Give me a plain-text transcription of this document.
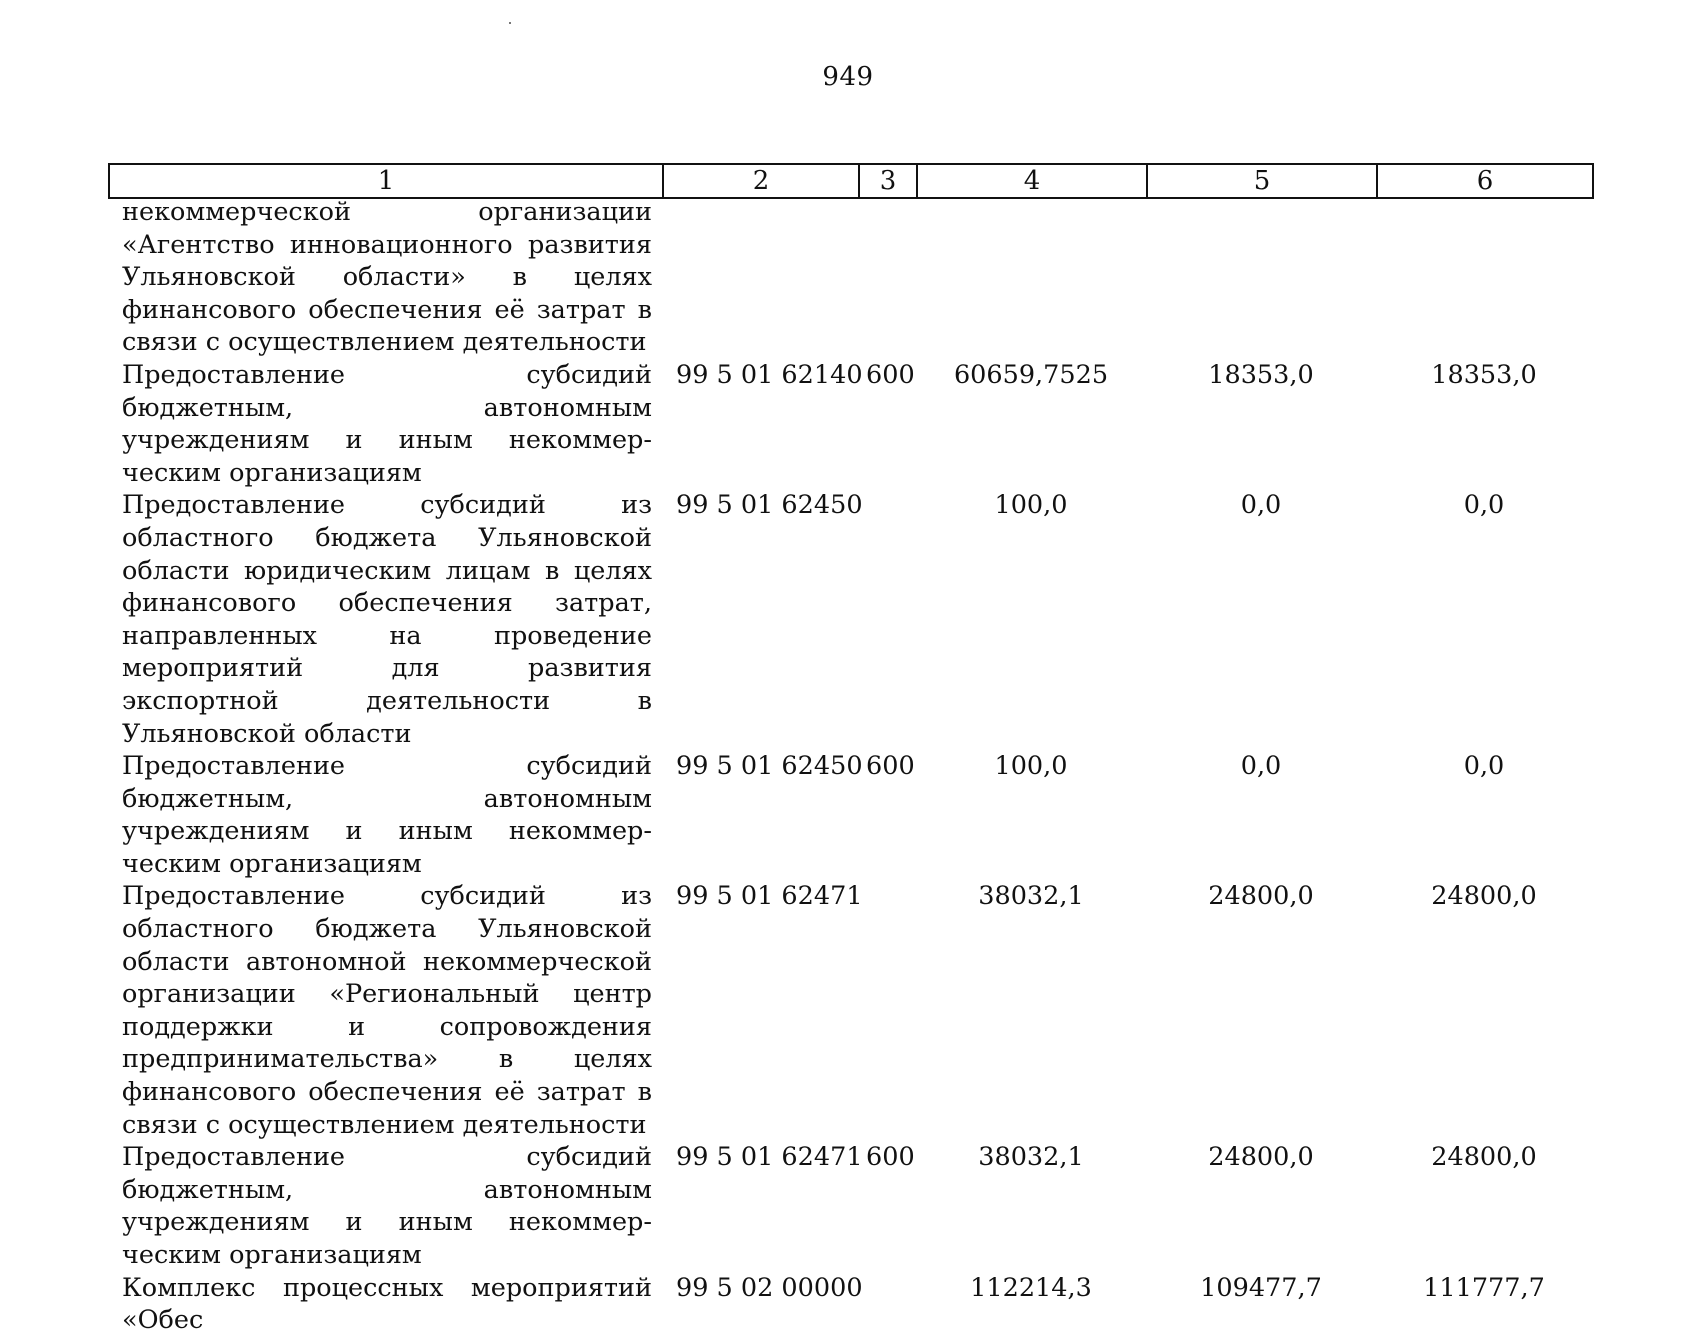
949
1	2	3	4	5	6
некоммерческой организации «Агентство инновационного развития Ульяновской области» в целях финансового обеспечения её затрат в связи с осуществлением деятельности					
Предоставление субсидий бюджетным, автономным учреждениям и иным некоммерческим организациям	99 5 01 62140	600	60659,7525	18353,0	18353,0
Предоставление субсидий из областного бюджета Ульяновской области юридическим лицам в целях финансового обеспечения затрат, направленных на проведение мероприятий для развития экспортной деятельности в Ульяновской области	99 5 01 62450		100,0	0,0	0,0
Предоставление субсидий бюджетным, автономным учреждениям и иным некоммерческим организациям	99 5 01 62450	600	100,0	0,0	0,0
Предоставление субсидий из областного бюджета Ульяновской области автономной некоммерческой организации «Региональный центр поддержки и сопровождения предпринимательства» в целях финансового обеспечения её затрат в связи с осуществлением деятельности	99 5 01 62471		38032,1	24800,0	24800,0
Предоставление субсидий бюджетным, автономным учреждениям и иным некоммерческим организациям	99 5 01 62471	600	38032,1	24800,0	24800,0
Комплекс процессных мероприятий «Обес	99 5 02 00000		112214,3	109477,7	111777,7
